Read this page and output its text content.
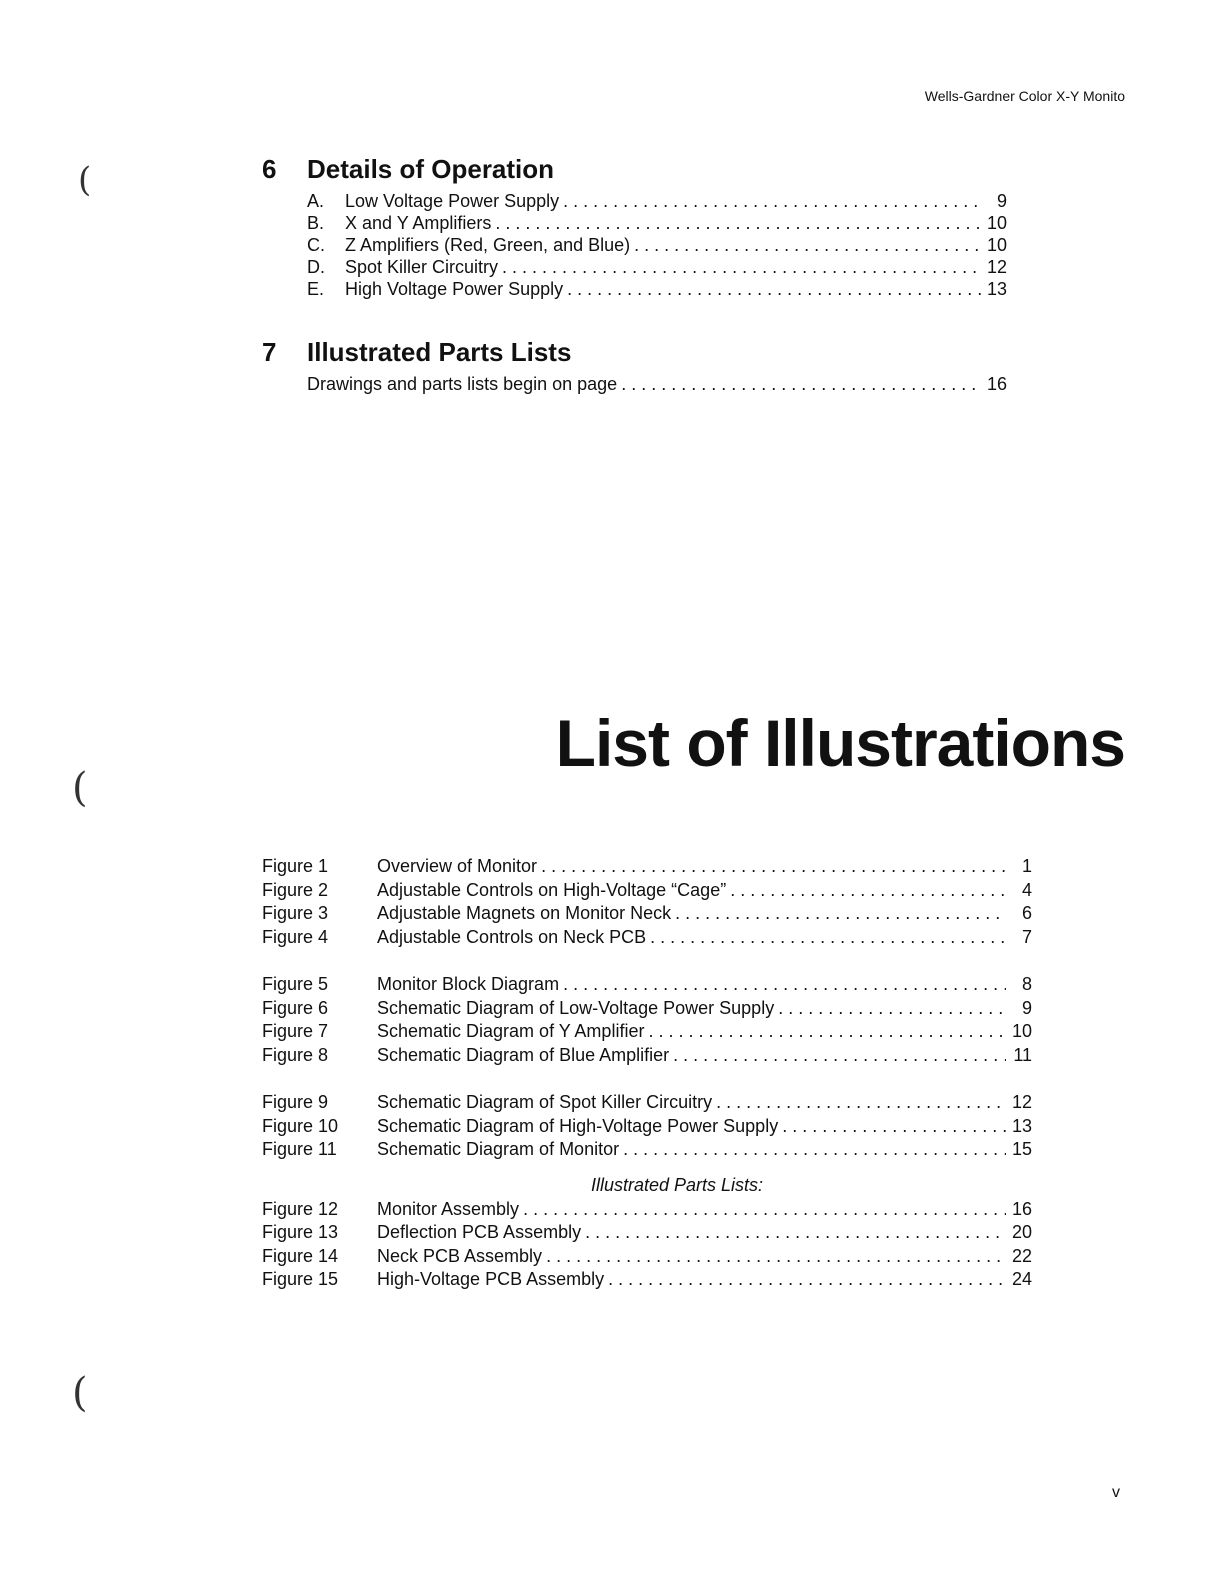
Wells-Gardner Color X-Y Monito
(
(
(
6 Details of Operation
A.	Low Voltage Power Supply . . .	9
B.	X and Y Amplifiers . . .	10
C.	Z Amplifiers (Red, Green, and Blue) . . .	10
D.	Spot Killer Circuitry . . .	12
E.	High Voltage Power Supply . . .	13
7 Illustrated Parts Lists
Drawings and parts lists begin on page . . .	16
List of Illustrations
Figure 1	Overview of Monitor . . .	1
Figure 2	Adjustable Controls on High-Voltage “Cage” . . .	4
Figure 3	Adjustable Magnets on Monitor Neck . . .	6
Figure 4	Adjustable Controls on Neck PCB . . .	7
Figure 5	Monitor Block Diagram . . .	8
Figure 6	Schematic Diagram of Low-Voltage Power Supply . . .	9
Figure 7	Schematic Diagram of Y Amplifier . . .	10
Figure 8	Schematic Diagram of Blue Amplifier . . .	11
Figure 9	Schematic Diagram of Spot Killer Circuitry . . .	12
Figure 10	Schematic Diagram of High-Voltage Power Supply . . .	13
Figure 11	Schematic Diagram of Monitor . . .	15
Illustrated Parts Lists:
Figure 12	Monitor Assembly . . .	16
Figure 13	Deflection PCB Assembly . . .	20
Figure 14	Neck PCB Assembly . . .	22
Figure 15	High-Voltage PCB Assembly . . .	24
v
